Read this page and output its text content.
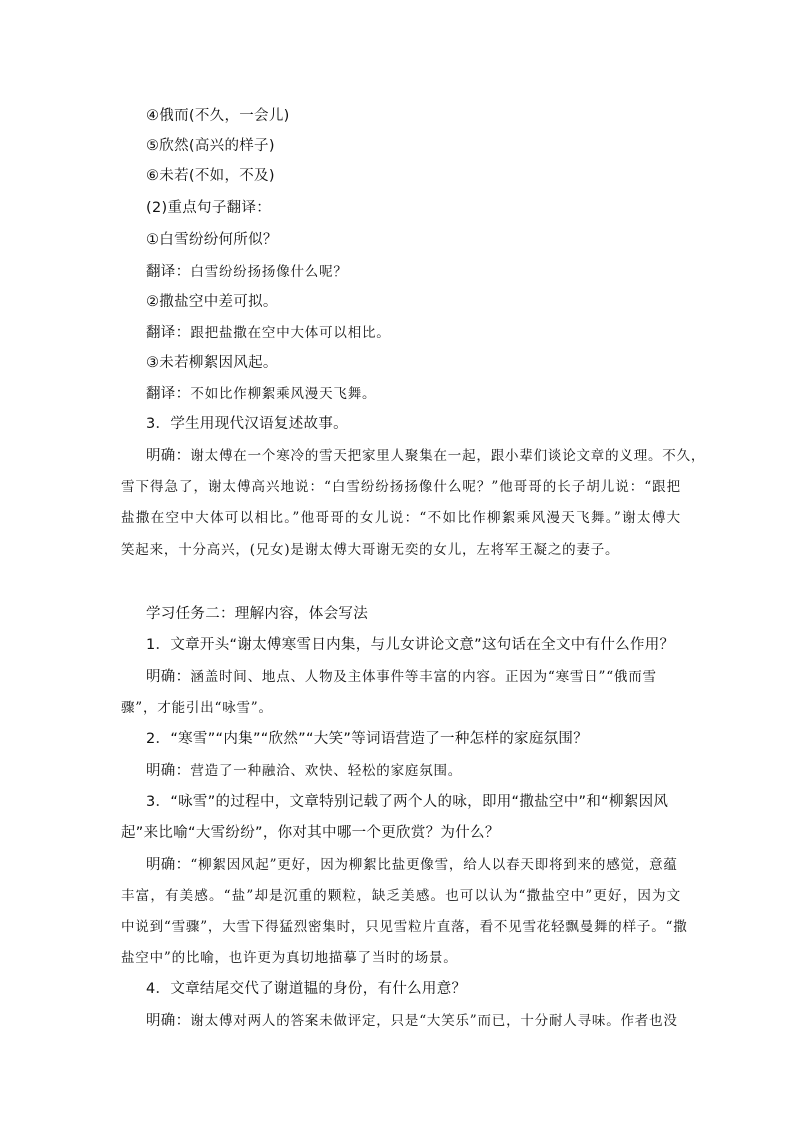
④俄而(不久，一会儿)
⑤欣然(高兴的样子)
⑥未若(不如，不及)
(2)重点句子翻译：
①白雪纷纷何所似？
翻译：白雪纷纷扬扬像什么呢？
②撒盐空中差可拟。
翻译：跟把盐撒在空中大体可以相比。
③未若柳絮因风起。
翻译：不如比作柳絮乘风漫天飞舞。
3．学生用现代汉语复述故事。
明确：谢太傅在一个寒冷的雪天把家里人聚集在一起，跟小辈们谈论文章的义理。不久，
雪下得急了，谢太傅高兴地说：“白雪纷纷扬扬像什么呢？”他哥哥的长子胡儿说：“跟把
盐撒在空中大体可以相比。”他哥哥的女儿说：“不如比作柳絮乘风漫天飞舞。”谢太傅大
笑起来，十分高兴，(兄女)是谢太傅大哥谢无奕的女儿，左将军王凝之的妻子。
学习任务二：理解内容，体会写法
1．文章开头“谢太傅寒雪日内集，与儿女讲论文意”这句话在全文中有什么作用？
明确：涵盖时间、地点、人物及主体事件等丰富的内容。正因为“寒雪日”“俄而雪
骤”，才能引出“咏雪”。
2．“寒雪”“内集”“欣然”“大笑”等词语营造了一种怎样的家庭氛围？
明确：营造了一种融洽、欢快、轻松的家庭氛围。
3．“咏雪”的过程中，文章特别记载了两个人的咏，即用“撒盐空中”和“柳絮因风
起”来比喻“大雪纷纷”，你对其中哪一个更欣赏？为什么？
明确：“柳絮因风起”更好，因为柳絮比盐更像雪，给人以春天即将到来的感觉，意蕴
丰富，有美感。“盐”却是沉重的颗粒，缺乏美感。也可以认为“撒盐空中”更好，因为文
中说到“雪骤”，大雪下得猛烈密集时，只见雪粒片直落，看不见雪花轻飘曼舞的样子。“撒
盐空中”的比喻，也许更为真切地描摹了当时的场景。
4．文章结尾交代了谢道韫的身份，有什么用意？
明确：谢太傅对两人的答案未做评定，只是“大笑乐”而已，十分耐人寻味。作者也没
